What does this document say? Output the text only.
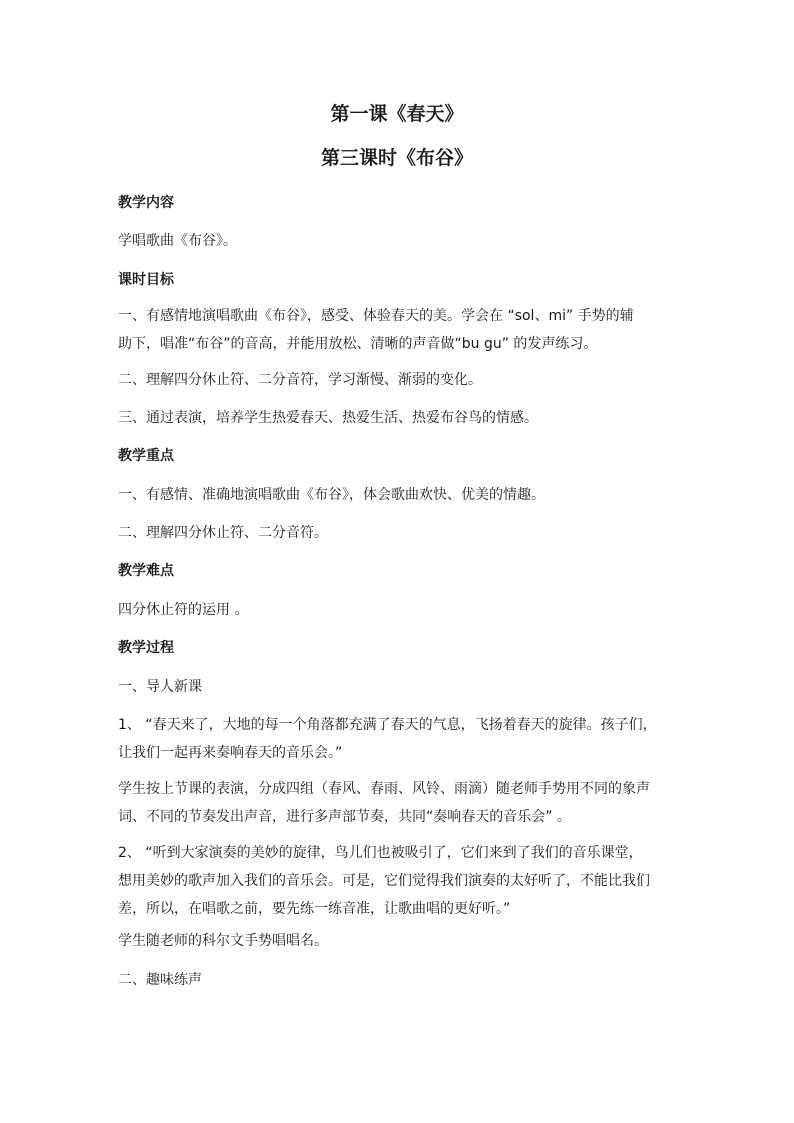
第一课《春天》
第三课时《布谷》
教学内容
学唱歌曲《布谷》。
课时目标
一、有感情地演唱歌曲《布谷》，感受、体验春天的美。学会在 “sol、mi” 手势的辅
助下，唱准“布谷”的音高，并能用放松、清晰的声音做“bu gu” 的发声练习。
二、理解四分休止符、二分音符，学习渐慢、渐弱的变化。
三、通过表演，培养学生热爱春天、热爱生活、热爱布谷鸟的情感。
教学重点
一、有感情、准确地演唱歌曲《布谷》，体会歌曲欢快、优美的情趣。
二、理解四分休止符、二分音符。
教学难点
四分休止符的运用 。
教学过程
一、导人新课
1、 “春天来了，大地的每一个角落都充满了春天的气息，飞扬着春天的旋律。孩子们，
让我们一起再来奏响春天的音乐会。”
学生按上节课的表演，分成四组（春风、春雨、风铃、雨滴）随老师手势用不同的象声
词、不同的节奏发出声音，进行多声部节奏，共同“奏响春天的音乐会” 。
2、 “听到大家演奏的美妙的旋律，鸟儿们也被吸引了，它们来到了我们的音乐课堂，
想用美妙的歌声加入我们的音乐会。可是，它们觉得我们演奏的太好听了，不能比我们
差，所以，在唱歌之前，要先练一练音准，让歌曲唱的更好听。”
学生随老师的科尔文手势唱唱名。
二、趣味练声
